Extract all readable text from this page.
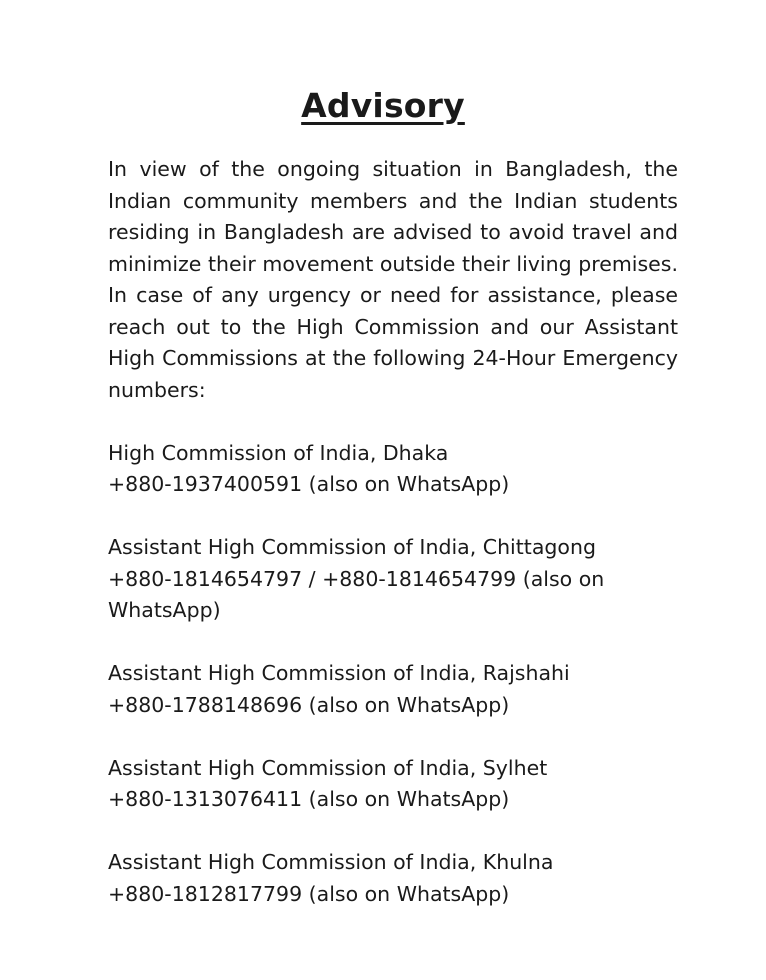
Advisory

In view of the ongoing situation in Bangladesh, the Indian community members and the Indian students residing in Bangladesh are advised to avoid travel and minimize their movement outside their living premises. In case of any urgency or need for assistance, please reach out to the High Commission and our Assistant High Commissions at the following 24-Hour Emergency numbers:

High Commission of India, Dhaka
+880-1937400591 (also on WhatsApp)
Assistant High Commission of India, Chittagong
+880-1814654797 / +880-1814654799 (also on WhatsApp)
Assistant High Commission of India, Rajshahi
+880-1788148696 (also on WhatsApp)
Assistant High Commission of India, Sylhet
+880-1313076411 (also on WhatsApp)
Assistant High Commission of India, Khulna
+880-1812817799 (also on WhatsApp)
